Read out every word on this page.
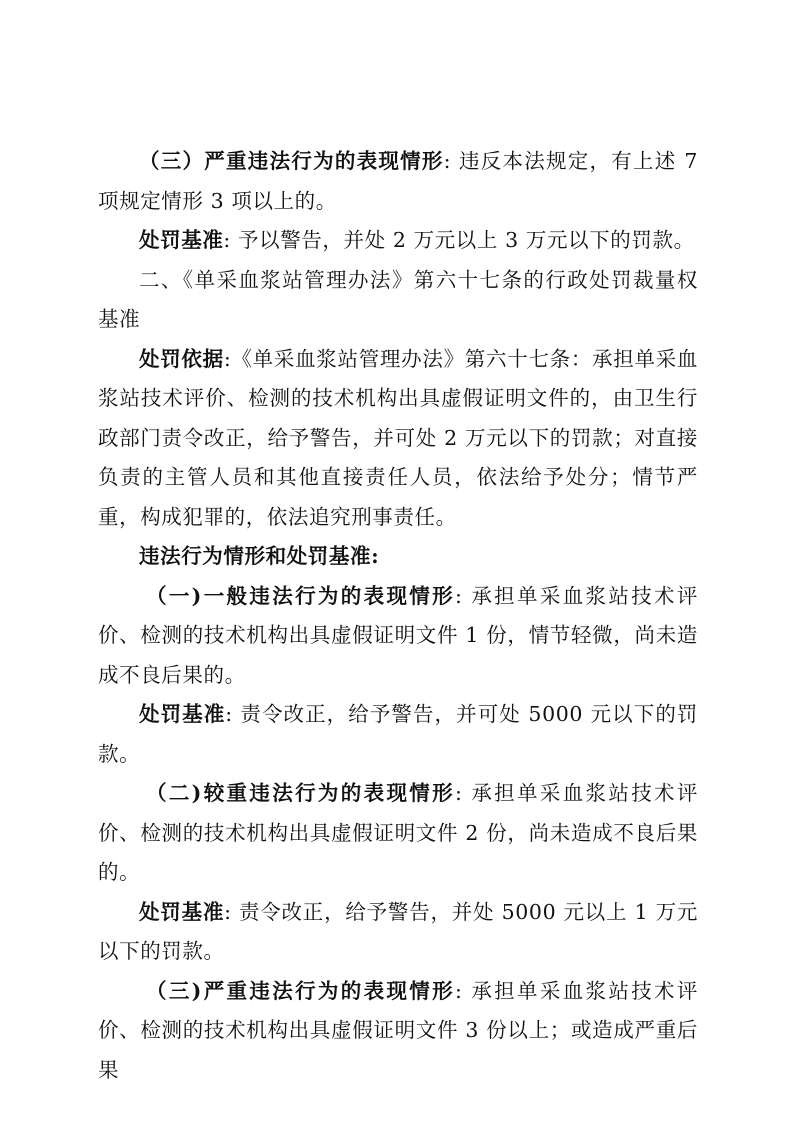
（三）严重违法行为的表现情形: 违反本法规定，有上述 7 项规定情形 3 项以上的。

处罚基准: 予以警告，并处 2 万元以上 3 万元以下的罚款。

二、《单采血浆站管理办法》第六十七条的行政处罚裁量权基准

处罚依据:《单采血浆站管理办法》第六十七条：承担单采血浆站技术评价、检测的技术机构出具虚假证明文件的，由卫生行政部门责令改正，给予警告，并可处 2 万元以下的罚款；对直接负责的主管人员和其他直接责任人员，依法给予处分；情节严重，构成犯罪的，依法追究刑事责任。

违法行为情形和处罚基准:

（一)一般违法行为的表现情形: 承担单采血浆站技术评价、检测的技术机构出具虚假证明文件 1 份，情节轻微，尚未造成不良后果的。

处罚基准: 责令改正，给予警告，并可处 5000 元以下的罚款。

（二)较重违法行为的表现情形: 承担单采血浆站技术评价、检测的技术机构出具虚假证明文件 2 份，尚未造成不良后果的。

处罚基准: 责令改正，给予警告，并处 5000 元以上 1 万元以下的罚款。

（三)严重违法行为的表现情形: 承担单采血浆站技术评价、检测的技术机构出具虚假证明文件 3 份以上；或造成严重后果
